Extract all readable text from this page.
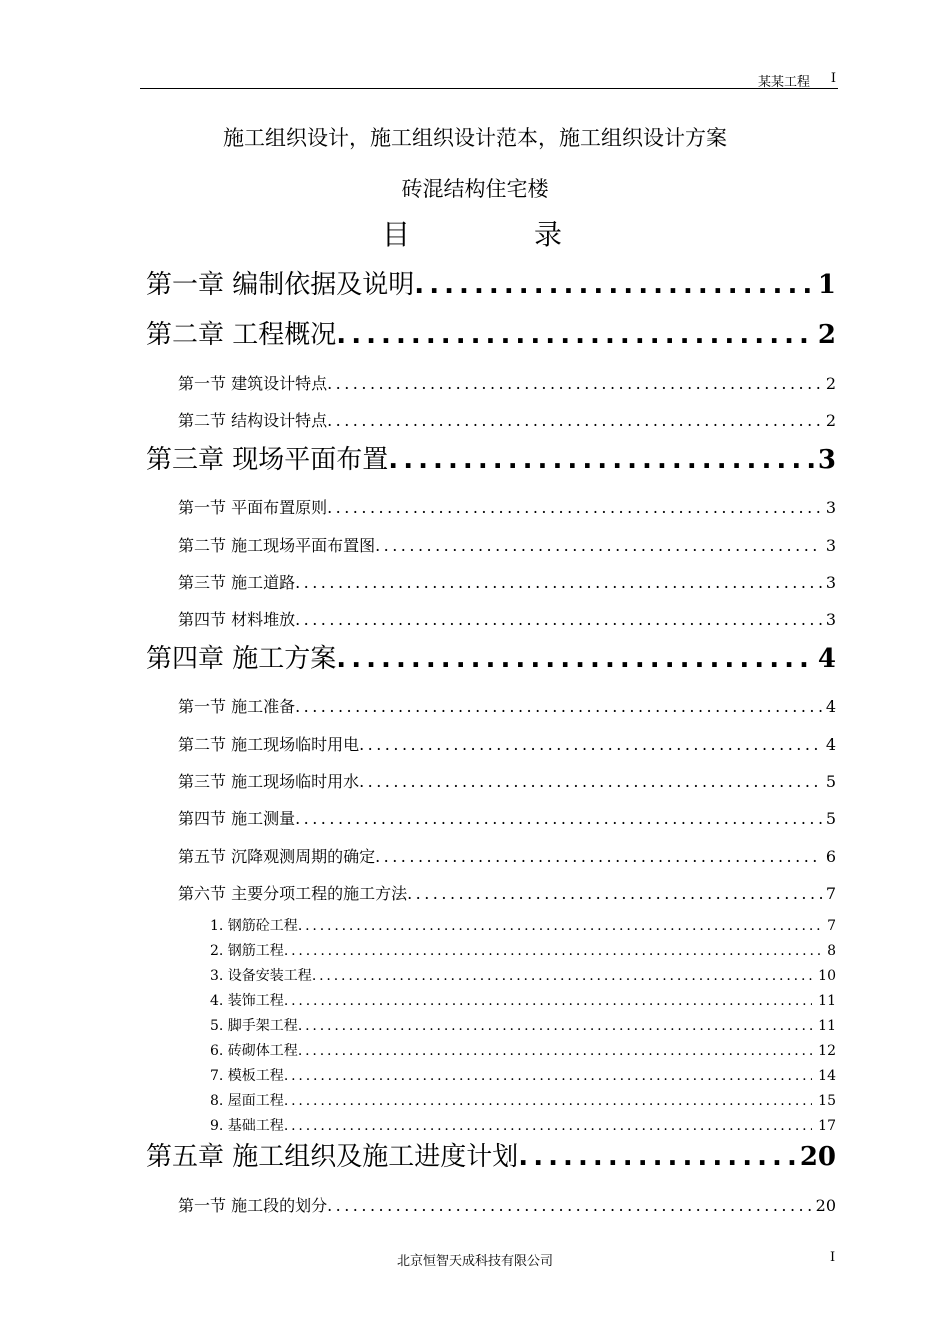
某某工程 I
施工组织设计，施工组织设计范本，施工组织设计方案
砖混结构住宅楼
目录
第一章 编制依据及说明 . . .	1
第二章 工程概况 . . .	2
第一节 建筑设计特点 . . .	2
第二节 结构设计特点 . . .	2
第三章 现场平面布置 . . .	3
第一节 平面布置原则 . . .	3
第二节 施工现场平面布置图 . . .	3
第三节 施工道路 . . .	3
第四节 材料堆放 . . .	3
第四章 施工方案 . . .	4
第一节 施工准备 . . .	4
第二节 施工现场临时用电 . . .	4
第三节 施工现场临时用水 . . .	5
第四节 施工测量 . . .	5
第五节 沉降观测周期的确定 . . .	6
第六节 主要分项工程的施工方法 . . .	7
1. 钢筋砼工程 . . .	7
2. 钢筋工程 . . .	8
3. 设备安装工程 . . .	10
4. 装饰工程 . . .	11
5. 脚手架工程 . . .	11
6. 砖砌体工程 . . .	12
7. 模板工程 . . .	14
8. 屋面工程 . . .	15
9. 基础工程 . . .	17
第五章 施工组织及施工进度计划 . . .	20
第一节 施工段的划分 . . .	20
北京恒智天成科技有限公司	I
